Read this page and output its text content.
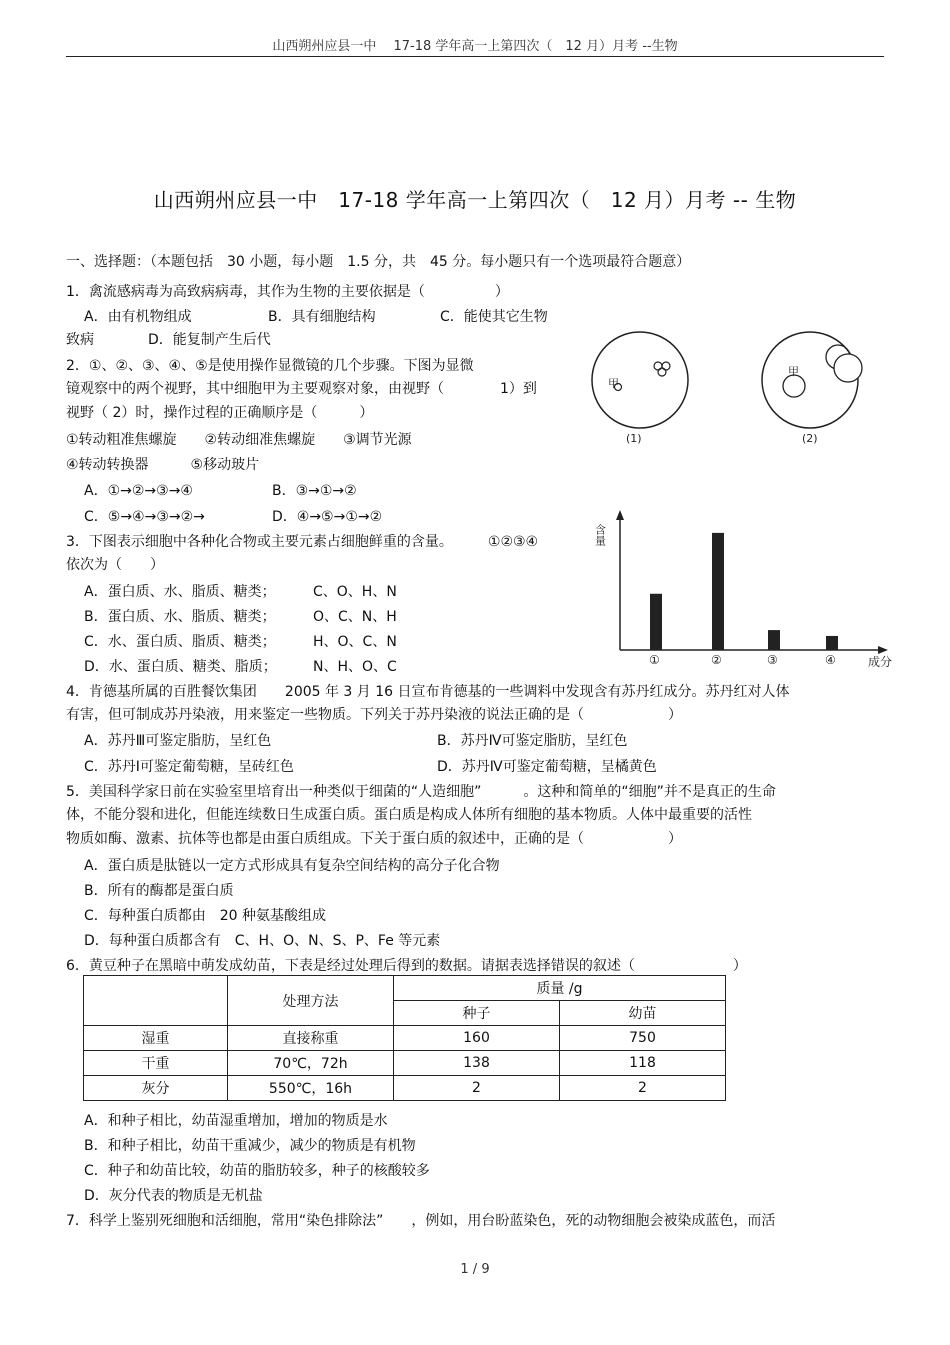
山西朔州应县一中　 17-18 学年高一上第四次（　12 月）月考 --生物
山西朔州应县一中　17-18 学年高一上第四次（　12 月）月考 -- 生物
一、选择题：（本题包括　30 小题，每小题　1.5 分，共　45 分。每小题只有一个选项最符合题意）
1．禽流感病毒为高致病病毒，其作为生物的主要依据是（　　　　　）
A．由有机物组成	B．具有细胞结构	C．能使其它生物
致病	D．能复制产生后代
2．①、②、③、④、⑤是使用操作显微镜的几个步骤。下图为显微
镜观察中的两个视野，其中细胞甲为主要观察对象，由视野（　　　　1）到
视野（ 2）时，操作过程的正确顺序是（　　　）
①转动粗准焦螺旋　　②转动细准焦螺旋　　③调节光源
④转动转换器　　　⑤移动玻片
A．①→②→③→④	B．③→①→②
C．⑤→④→③→②→	D．④→⑤→①→②
甲
(1)
甲
(2)
3．下图表示细胞中各种化合物或主要元素占细胞鲜重的含量。　　　①②③④
依次为（　　）
A．蛋白质、水、脂质、糖类；	C、O、H、N
B．蛋白质、水、脂质、糖类；	O、C、N、H
C．水、蛋白质、脂质、糖类；	H、O、C、N
D．水、蛋白质、糖类、脂质；	N、H、O、C
含量
成分
①	②	③	④
4．肯德基所属的百胜餐饮集团　　2005 年 3 月 16 日宣布肯德基的一些调料中发现含有苏丹红成分。苏丹红对人体
有害，但可制成苏丹染液，用来鉴定一些物质。下列关于苏丹染液的说法正确的是（　　　　　　）
A．苏丹Ⅲ可鉴定脂肪，呈红色	B．苏丹Ⅳ可鉴定脂肪，呈红色
C．苏丹Ⅰ可鉴定葡萄糖，呈砖红色	D．苏丹Ⅳ可鉴定葡萄糖，呈橘黄色
5．美国科学家日前在实验室里培育出一种类似于细菌的“人造细胞”　　　。这种和简单的“细胞”并不是真正的生命
体，不能分裂和进化，但能连续数日生成蛋白质。蛋白质是构成人体所有细胞的基本物质。人体中最重要的活性
物质如酶、激素、抗体等也都是由蛋白质组成。下关于蛋白质的叙述中，正确的是（　　　　　　）
A．蛋白质是肽链以一定方式形成具有复杂空间结构的高分子化合物
B．所有的酶都是蛋白质
C．每种蛋白质都由　20 种氨基酸组成
D．每种蛋白质都含有　C、H、O、N、S、P、Fe 等元素
6．黄豆种子在黑暗中萌发成幼苗，下表是经过处理后得到的数据。请据表选择错误的叙述（　　　　　　　）
	处理方法	质量 /g	
		种子	幼苗
湿重	直接称重	160	750
干重	70℃，72h	138	118
灰分	550℃，16h	2	2
A．和种子相比，幼苗湿重增加，增加的物质是水
B．和种子相比，幼苗干重减少，减少的物质是有机物
C．种子和幼苗比较，幼苗的脂肪较多，种子的核酸较多
D．灰分代表的物质是无机盐
7．科学上鉴别死细胞和活细胞，常用“染色排除法”　　，例如，用台盼蓝染色，死的动物细胞会被染成蓝色，而活
1 / 9
